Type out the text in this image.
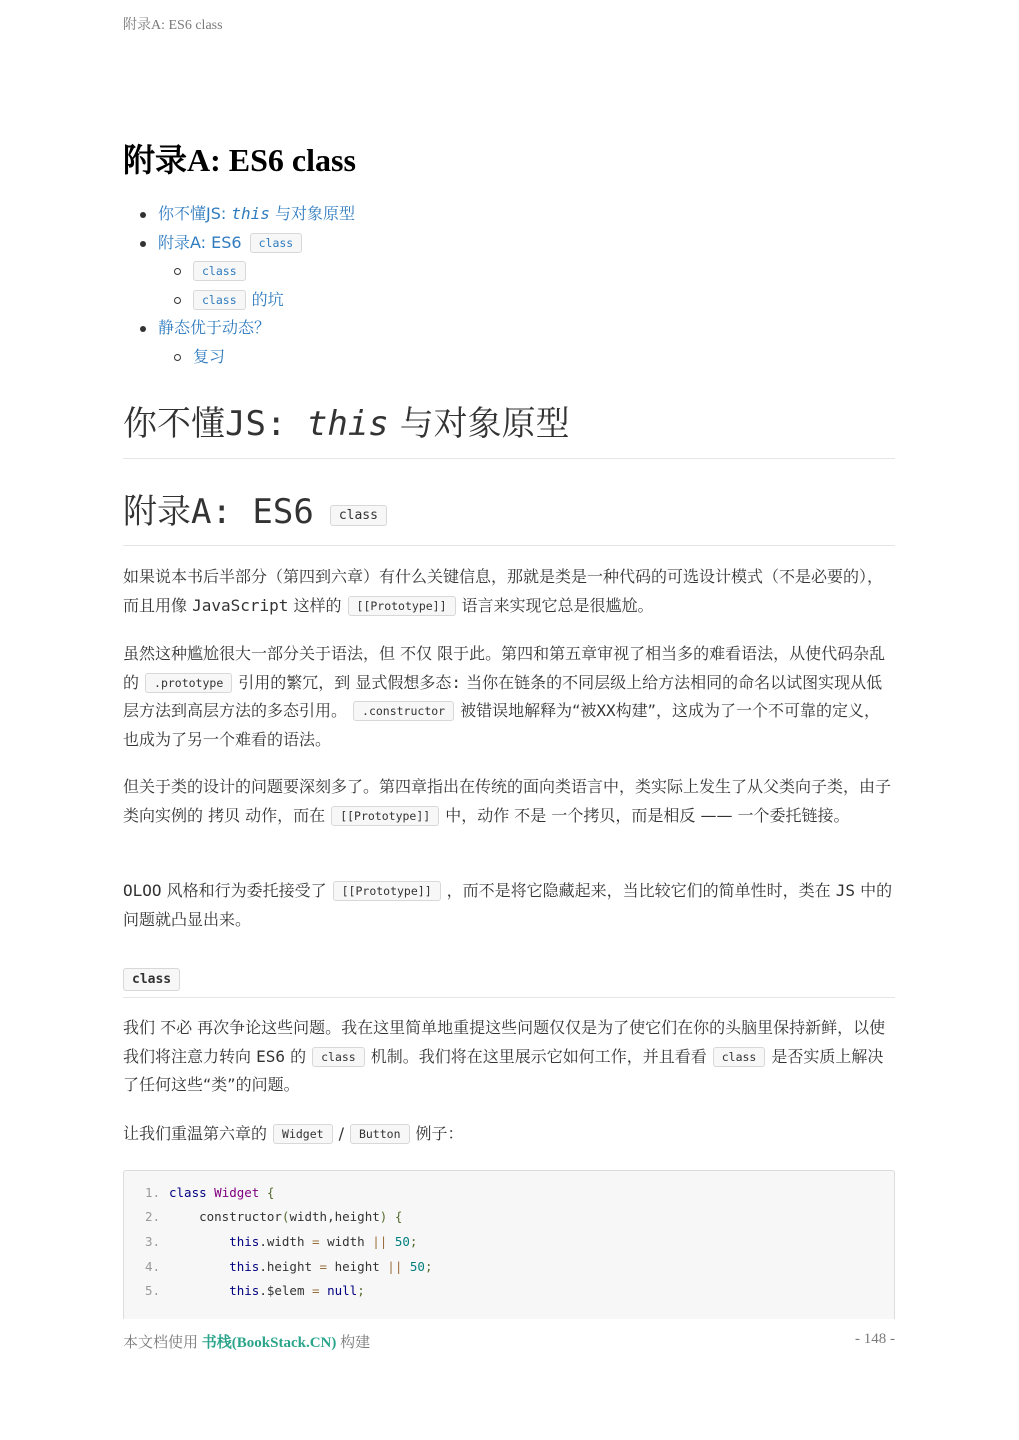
附录A: ES6 class
附录A: ES6 class
你不懂JS: this 与对象原型
附录A: ES6 class
class
class 的坑
静态优于动态？
复习
你不懂JS: this 与对象原型
附录A: ES6 class

如果说本书后半部分（第四到六章）有什么关键信息，那就是类是一种代码的可选设计模式（不是必要的），而且用像 JavaScript 这样的 [[Prototype]] 语言来实现它总是很尴尬。

虽然这种尴尬很大一部分关于语法，但 不仅 限于此。第四和第五章审视了相当多的难看语法，从使代码杂乱的 .prototype 引用的繁冗，到 显式假想多态: 当你在链条的不同层级上给方法相同的命名以试图实现从低层方法到高层方法的多态引用。 .constructor 被错误地解释为“被XX构建”，这成为了一个不可靠的定义，也成为了另一个难看的语法。

但关于类的设计的问题要深刻多了。第四章指出在传统的面向类语言中，类实际上发生了从父类向子类，由子类向实例的 拷贝 动作，而在 [[Prototype]] 中，动作 不是 一个拷贝，而是相反 —— 一个委托链接。

OLOO 风格和行为委托接受了 [[Prototype]] ，而不是将它隐藏起来，当比较它们的简单性时，类在 JS 中的问题就凸显出来。

class

我们 不必 再次争论这些问题。我在这里简单地重提这些问题仅仅是为了使它们在你的头脑里保持新鲜，以使我们将注意力转向 ES6 的 class 机制。我们将在这里展示它如何工作，并且看看 class 是否实质上解决了任何这些“类”的问题。

让我们重温第六章的 Widget / Button 例子：

1. class Widget {
2.	constructor(width,height) {
3.	this.width = width || 50;
4.	this.height = height || 50;
5.	this.$elem = null;
本文档使用 书栈(BookStack.CN) 构建	- 148 -
